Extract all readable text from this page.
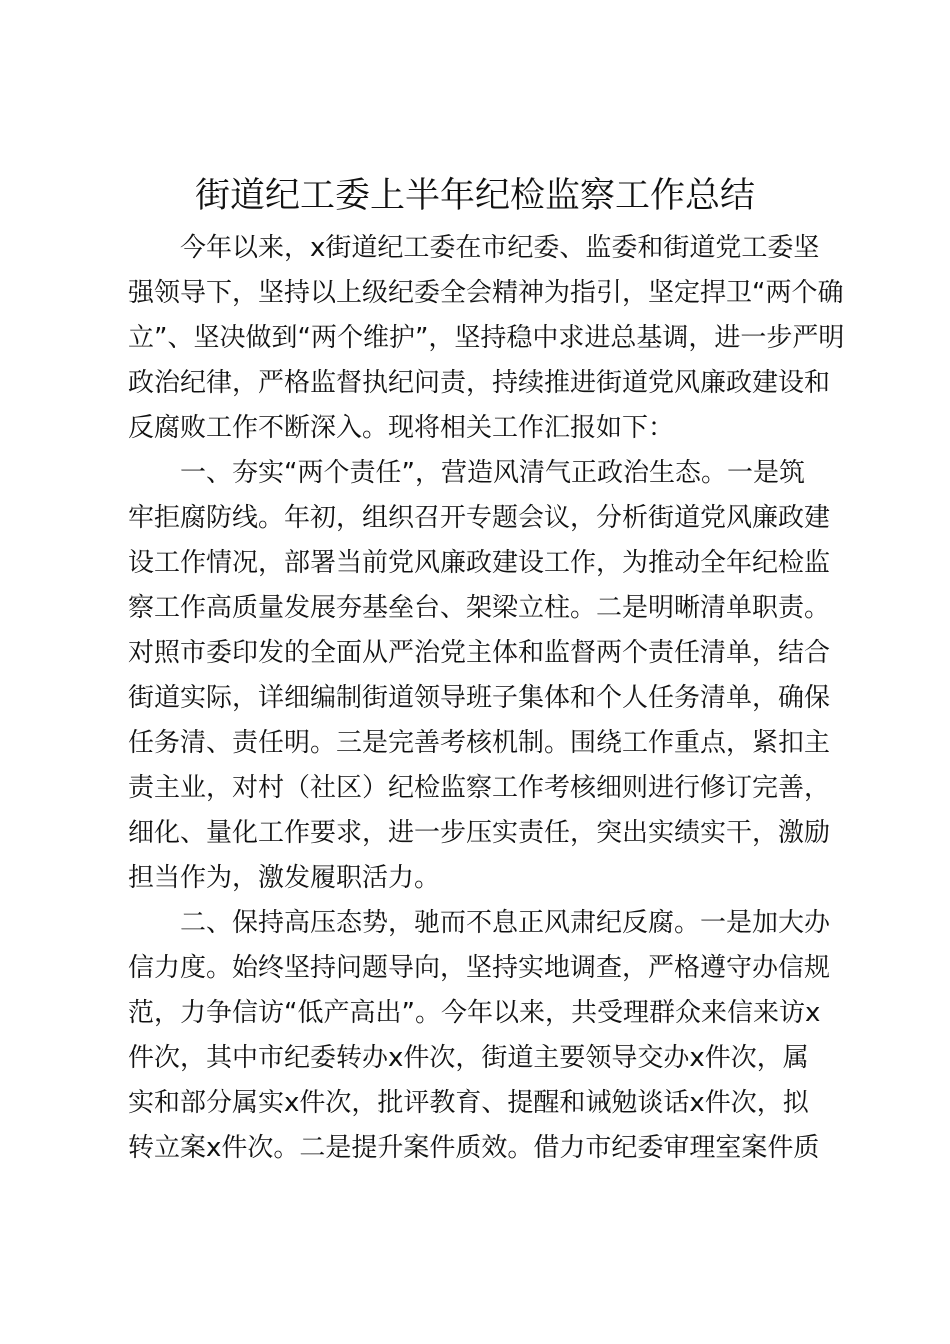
街道纪工委上半年纪检监察工作总结
今年以来，x街道纪工委在市纪委、监委和街道党工委坚
强领导下，坚持以上级纪委全会精神为指引，坚定捍卫“两个确
立”、坚决做到“两个维护”，坚持稳中求进总基调，进一步严明
政治纪律，严格监督执纪问责，持续推进街道党风廉政建设和
反腐败工作不断深入。现将相关工作汇报如下：
一、夯实“两个责任”，营造风清气正政治生态。一是筑
牢拒腐防线。年初，组织召开专题会议，分析街道党风廉政建
设工作情况，部署当前党风廉政建设工作，为推动全年纪检监
察工作高质量发展夯基垒台、架梁立柱。二是明晰清单职责。
对照市委印发的全面从严治党主体和监督两个责任清单，结合
街道实际，详细编制街道领导班子集体和个人任务清单，确保
任务清、责任明。三是完善考核机制。围绕工作重点，紧扣主
责主业，对村（社区）纪检监察工作考核细则进行修订完善，
细化、量化工作要求，进一步压实责任，突出实绩实干，激励
担当作为，激发履职活力。
二、保持高压态势，驰而不息正风肃纪反腐。一是加大办
信力度。始终坚持问题导向，坚持实地调查，严格遵守办信规
范，力争信访“低产高出”。今年以来，共受理群众来信来访x
件次，其中市纪委转办x件次，街道主要领导交办x件次，属
实和部分属实x件次，批评教育、提醒和诫勉谈话x件次，拟
转立案x件次。二是提升案件质效。借力市纪委审理室案件质
